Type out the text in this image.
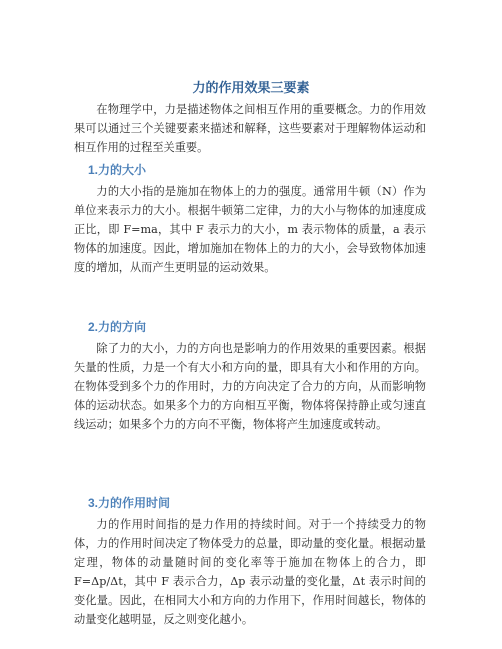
力的作用效果三要素

在物理学中，力是描述物体之间相互作用的重要概念。力的作用效果可以通过三个关键要素来描述和解释，这些要素对于理解物体运动和相互作用的过程至关重要。

1.力的大小

力的大小指的是施加在物体上的力的强度。通常用牛顿（N）作为单位来表示力的大小。根据牛顿第二定律，力的大小与物体的加速度成正比，即 F=ma，其中 F 表示力的大小，m 表示物体的质量，a 表示物体的加速度。因此，增加施加在物体上的力的大小，会导致物体加速度的增加，从而产生更明显的运动效果。

2.力的方向

除了力的大小，力的方向也是影响力的作用效果的重要因素。根据矢量的性质，力是一个有大小和方向的量，即具有大小和作用的方向。在物体受到多个力的作用时，力的方向决定了合力的方向，从而影响物体的运动状态。如果多个力的方向相互平衡，物体将保持静止或匀速直线运动；如果多个力的方向不平衡，物体将产生加速度或转动。

3.力的作用时间

力的作用时间指的是力作用的持续时间。对于一个持续受力的物体，力的作用时间决定了物体受力的总量，即动量的变化量。根据动量定理，物体的动量随时间的变化率等于施加在物体上的合力，即 F=Δp/Δt，其中 F 表示合力，Δp 表示动量的变化量，Δt 表示时间的变化量。因此，在相同大小和方向的力作用下，作用时间越长，物体的动量变化越明显，反之则变化越小。
